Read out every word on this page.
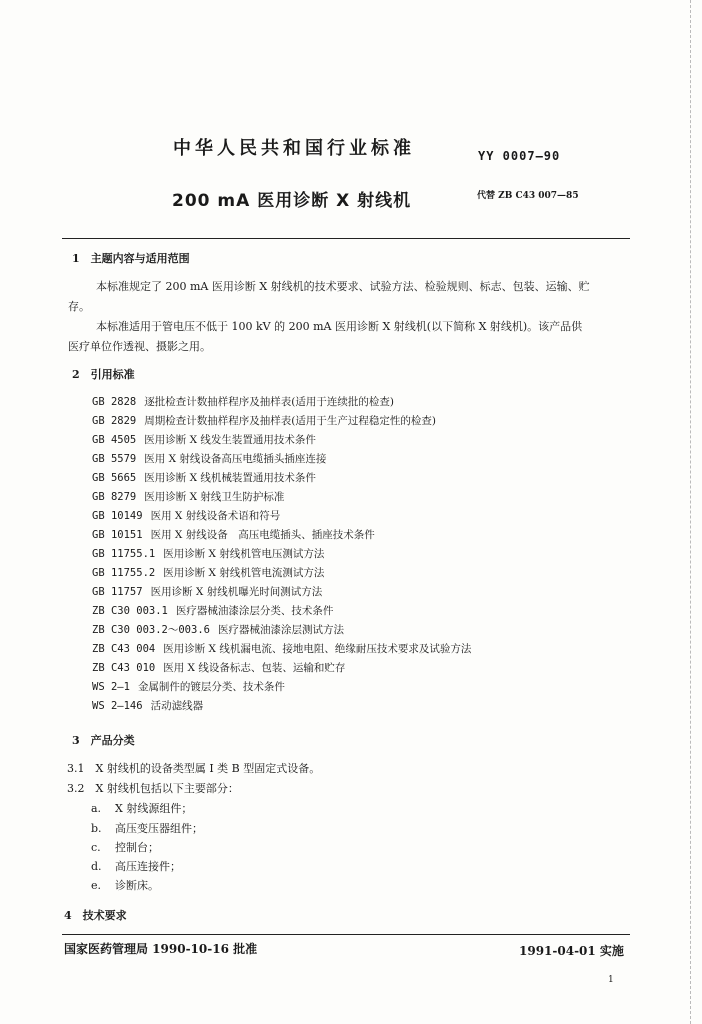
中华人民共和国行业标准	YY 0007—90
200 mA 医用诊断 X 射线机	代替 ZB C43 007—85
1　主题内容与适用范围
本标准规定了 200 mA 医用诊断 X 射线机的技术要求、试验方法、检验规则、标志、包装、运输、贮
存。
本标准适用于管电压不低于 100 kV 的 200 mA 医用诊断 X 射线机(以下简称 X 射线机)。该产品供
医疗单位作透视、摄影之用。
2　引用标准
GB 2828 逐批检查计数抽样程序及抽样表(适用于连续批的检查)
GB 2829 周期检查计数抽样程序及抽样表(适用于生产过程稳定性的检查)
GB 4505 医用诊断 X 线发生装置通用技术条件
GB 5579 医用 X 射线设备高压电缆插头插座连接
GB 5665 医用诊断 X 线机械装置通用技术条件
GB 8279 医用诊断 X 射线卫生防护标准
GB 10149 医用 X 射线设备术语和符号
GB 10151 医用 X 射线设备　高压电缆插头、插座技术条件
GB 11755.1 医用诊断 X 射线机管电压测试方法
GB 11755.2 医用诊断 X 射线机管电流测试方法
GB 11757 医用诊断 X 射线机曝光时间测试方法
ZB C30 003.1 医疗器械油漆涂层分类、技术条件
ZB C30 003.2～003.6 医疗器械油漆涂层测试方法
ZB C43 004 医用诊断 X 线机漏电流、接地电阻、绝缘耐压技术要求及试验方法
ZB C43 010 医用 X 线设备标志、包装、运输和贮存
WS 2—1 金属制件的镀层分类、技术条件
WS 2—146 活动滤线器
3　产品分类
3.1　X 射线机的设备类型属 I 类 B 型固定式设备。
3.2　X 射线机包括以下主要部分：
a. X 射线源组件；
b. 高压变压器组件；
c. 控制台；
d. 高压连接件；
e. 诊断床。
4　技术要求
国家医药管理局 1990-10-16 批准	1991-04-01 实施
1
